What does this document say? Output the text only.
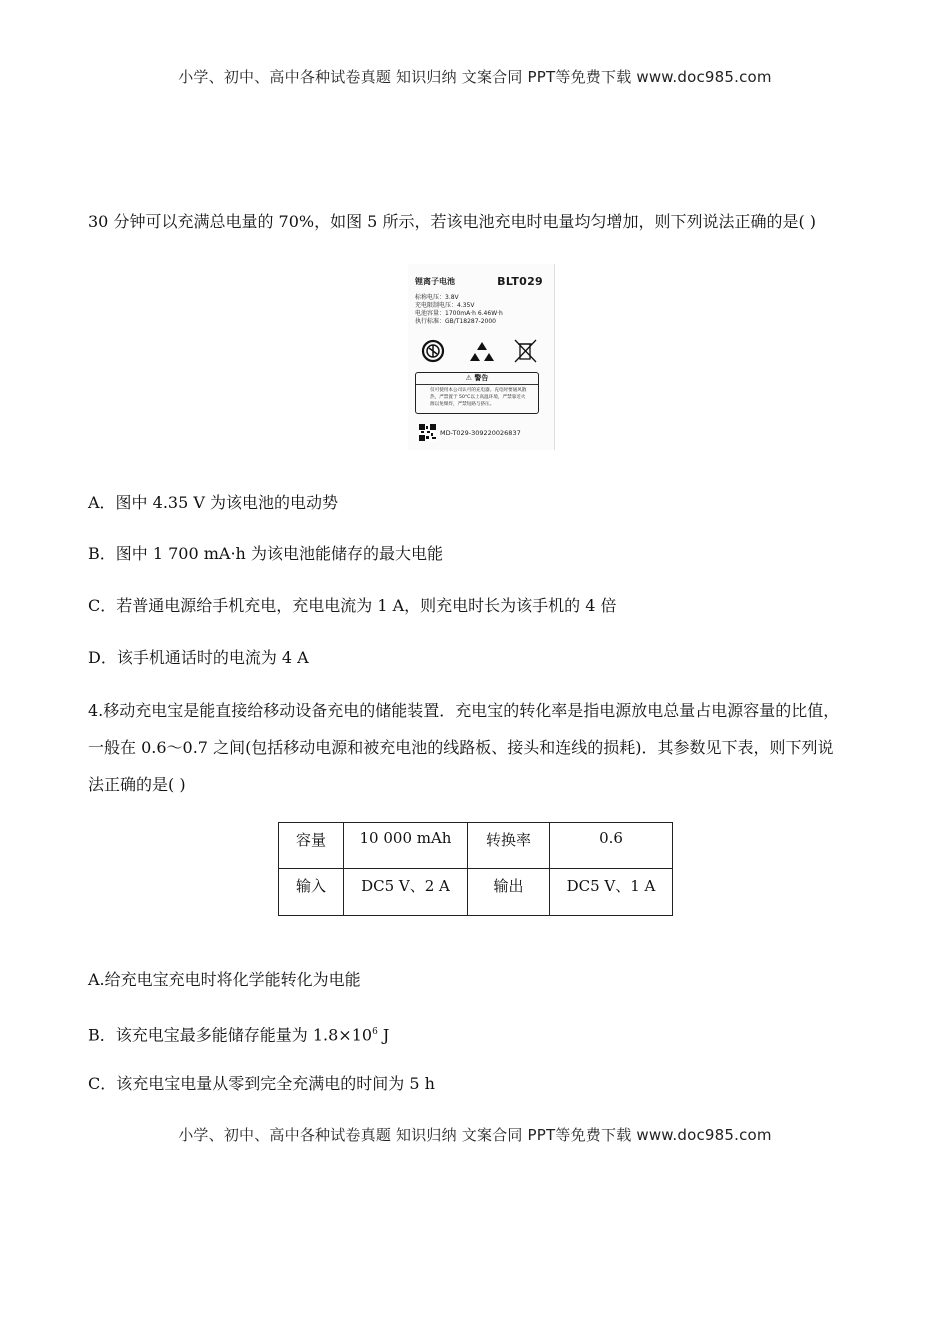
小学、初中、高中各种试卷真题 知识归纳 文案合同 PPT等免费下载 www.doc985.com
30 分钟可以充满总电量的 70%，如图 5 所示，若该电池充电时电量均匀增加，则下列说法正确的是( )
锂离子电池	BLT029
标称电压：3.8V
充电限制电压：4.35V
电池容量：1700mA·h 6.46W·h
执行标准：GB/T18287-2000
⚠ 警告
仅可使用本公司认可的充电器。充电时要通风散热，严禁置于 50°C以上高温环境，严禁靠近火源以免爆炸，严禁短路与挤压。
MD-T029-309220026837
A．图中 4.35 V 为该电池的电动势
B．图中 1 700 mA·h 为该电池能储存的最大电能
C．若普通电源给手机充电，充电电流为 1 A，则充电时长为该手机的 4 倍
D．该手机通话时的电流为 4 A
4.移动充电宝是能直接给移动设备充电的储能装置．充电宝的转化率是指电源放电总量占电源容量的比值，
一般在 0.6～0.7 之间(包括移动电源和被充电池的线路板、接头和连线的损耗)．其参数见下表，则下列说
法正确的是( )
容量	10 000 mAh	转换率	0.6
输入	DC5 V、2 A	输出	DC5 V、1 A
A.给充电宝充电时将化学能转化为电能
B．该充电宝最多能储存能量为 $1.8\times 10^6$ J
C．该充电宝电量从零到完全充满电的时间为 5 h
小学、初中、高中各种试卷真题 知识归纳 文案合同 PPT等免费下载 www.doc985.com
